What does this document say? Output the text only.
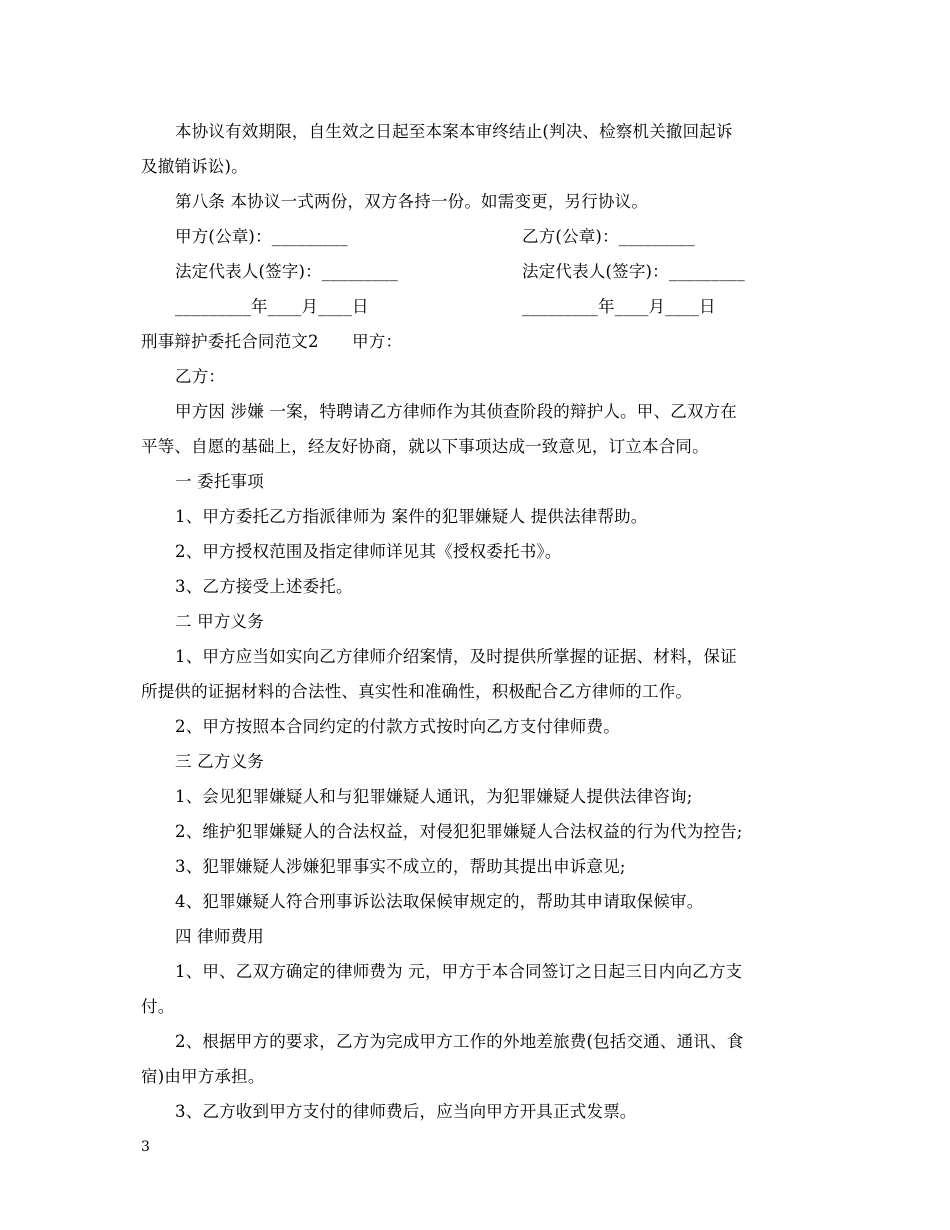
本协议有效期限，自生效之日起至本案本审终结止(判决、检察机关撤回起诉
及撤销诉讼)。
第八条 本协议一式两份，双方各持一份。如需变更，另行协议。
甲方(公章)：_________	乙方(公章)：_________
法定代表人(签字)：_________	法定代表人(签字)：_________
_________年____月____日	_________年____月____日
刑事辩护委托合同范文2　　甲方：
乙方：
甲方因 涉嫌 一案，特聘请乙方律师作为其侦查阶段的辩护人。甲、乙双方在
平等、自愿的基础上，经友好协商，就以下事项达成一致意见，订立本合同。
一 委托事项
1、甲方委托乙方指派律师为 案件的犯罪嫌疑人 提供法律帮助。
2、甲方授权范围及指定律师详见其《授权委托书》。
3、乙方接受上述委托。
二 甲方义务
1、甲方应当如实向乙方律师介绍案情，及时提供所掌握的证据、材料，保证
所提供的证据材料的合法性、真实性和准确性，积极配合乙方律师的工作。
2、甲方按照本合同约定的付款方式按时向乙方支付律师费。
三 乙方义务
1、会见犯罪嫌疑人和与犯罪嫌疑人通讯，为犯罪嫌疑人提供法律咨询;
2、维护犯罪嫌疑人的合法权益，对侵犯犯罪嫌疑人合法权益的行为代为控告;
3、犯罪嫌疑人涉嫌犯罪事实不成立的，帮助其提出申诉意见;
4、犯罪嫌疑人符合刑事诉讼法取保候审规定的，帮助其申请取保候审。
四 律师费用
1、甲、乙双方确定的律师费为 元，甲方于本合同签订之日起三日内向乙方支
付。
2、根据甲方的要求，乙方为完成甲方工作的外地差旅费(包括交通、通讯、食
宿)由甲方承担。
3、乙方收到甲方支付的律师费后，应当向甲方开具正式发票。
3
